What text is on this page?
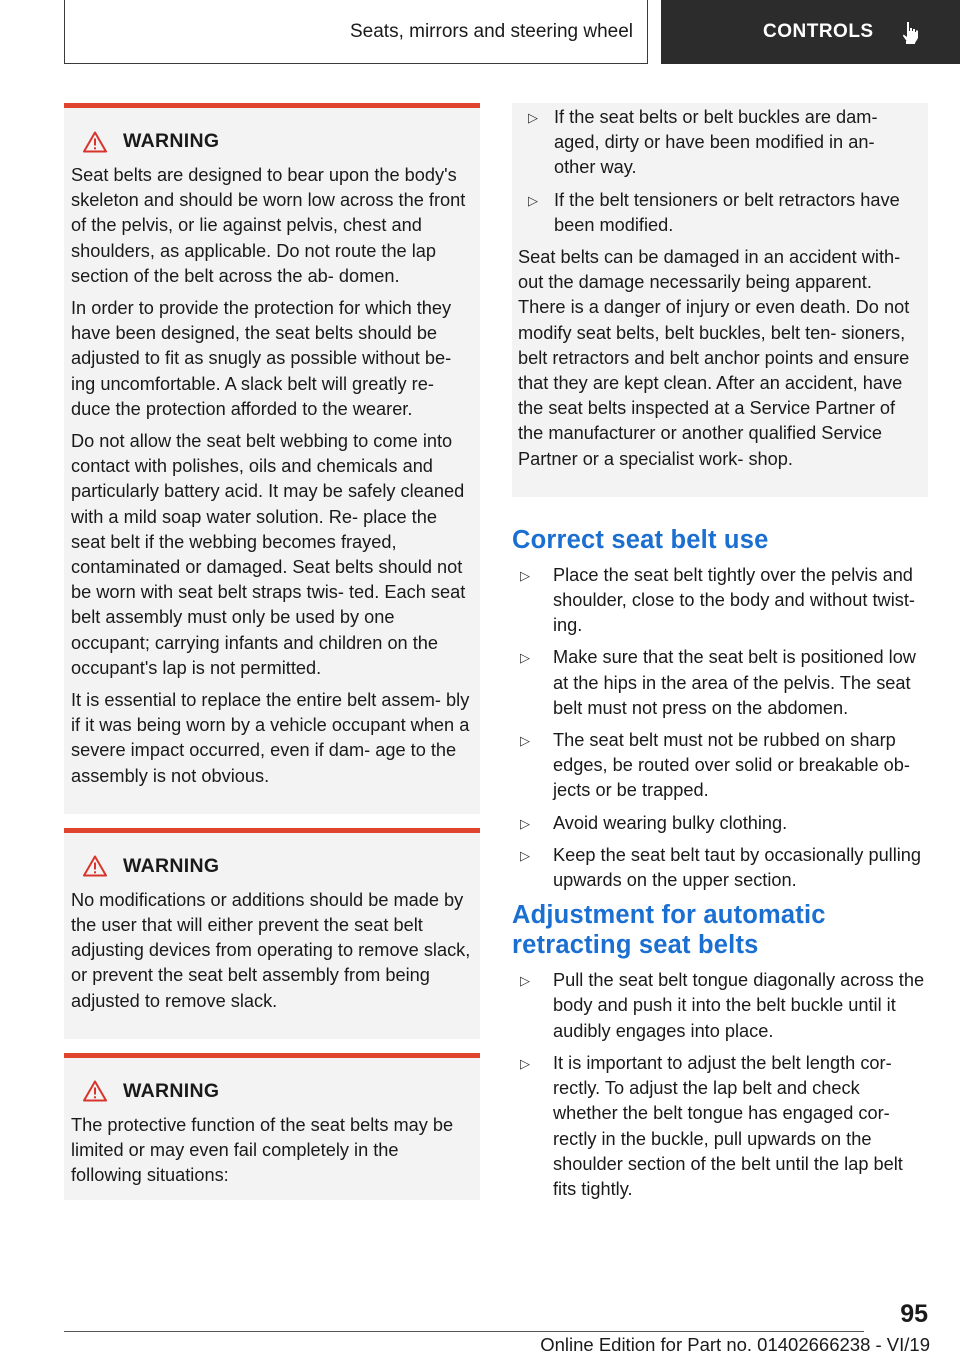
Seats, mirrors and steering wheel	CONTROLS
WARNING

Seat belts are designed to bear upon the body's skeleton and should be worn low across the front of the pelvis, or lie against pelvis, chest and shoulders, as applicable. Do not route the lap section of the belt across the ab‐ domen.

In order to provide the protection for which they have been designed, the seat belts should be adjusted to fit as snugly as possible without be‐ ing uncomfortable. A slack belt will greatly re‐ duce the protection afforded to the wearer.

Do not allow the seat belt webbing to come into contact with polishes, oils and chemicals and particularly battery acid. It may be safely cleaned with a mild soap water solution. Re‐ place the seat belt if the webbing becomes frayed, contaminated or damaged. Seat belts should not be worn with seat belt straps twis‐ ted. Each seat belt assembly must only be used by one occupant; carrying infants and children on the occupant's lap is not permitted.

It is essential to replace the entire belt assem‐ bly if it was being worn by a vehicle occupant when a severe impact occurred, even if dam‐ age to the assembly is not obvious.

WARNING

No modifications or additions should be made by the user that will either prevent the seat belt adjusting devices from operating to remove slack, or prevent the seat belt assembly from being adjusted to remove slack.

WARNING

The protective function of the seat belts may be limited or may even fail completely in the following situations:

▷ If the seat belts or belt buckles are dam‐ aged, dirty or have been modified in an‐ other way.
▷ If the belt tensioners or belt retractors have been modified.

Seat belts can be damaged in an accident with‐ out the damage necessarily being apparent. There is a danger of injury or even death. Do not modify seat belts, belt buckles, belt ten‐ sioners, belt retractors and belt anchor points and ensure that they are kept clean. After an accident, have the seat belts inspected at a Service Partner of the manufacturer or another qualified Service Partner or a specialist work‐ shop.

Correct seat belt use
▷ Place the seat belt tightly over the pelvis and shoulder, close to the body and without twist‐ ing.
▷ Make sure that the seat belt is positioned low at the hips in the area of the pelvis. The seat belt must not press on the abdomen.
▷ The seat belt must not be rubbed on sharp edges, be routed over solid or breakable ob‐ jects or be trapped.
▷ Avoid wearing bulky clothing.
▷ Keep the seat belt taut by occasionally pulling upwards on the upper section.
Adjustment for automatic retracting seat belts
▷ Pull the seat belt tongue diagonally across the body and push it into the belt buckle until it audibly engages into place.
▷ It is important to adjust the belt length cor‐ rectly. To adjust the lap belt and check whether the belt tongue has engaged cor‐ rectly in the buckle, pull upwards on the shoulder section of the belt until the lap belt fits tightly.
95
Online Edition for Part no. 01402666238 - VI/19
